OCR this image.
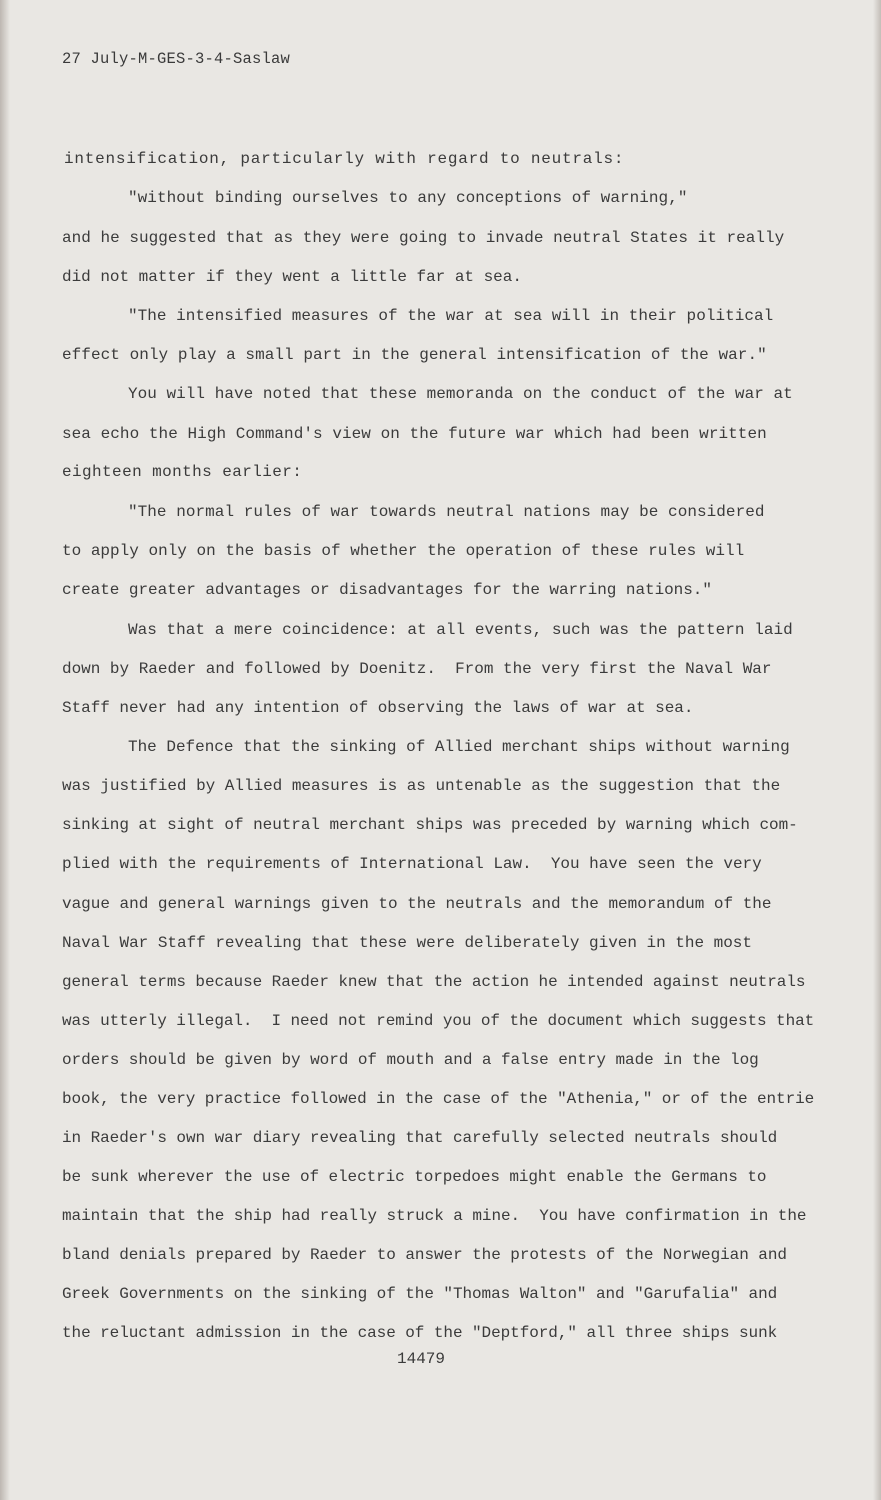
27 July-M-GES-3-4-Saslaw
intensification, particularly with regard to neutrals:
"without binding ourselves to any conceptions of warning,"
and he suggested that as they were going to invade neutral States it really
did not matter if they went a little far at sea.
"The intensified measures of the war at sea will in their political
effect only play a small part in the general intensification of the war."
You will have noted that these memoranda on the conduct of the war at
sea echo the High Command's view on the future war which had been written
eighteen months earlier:
"The normal rules of war towards neutral nations may be considered
to apply only on the basis of whether the operation of these rules will
create greater advantages or disadvantages for the warring nations."
Was that a mere coincidence: at all events, such was the pattern laid
down by Raeder and followed by Doenitz.  From the very first the Naval War
Staff never had any intention of observing the laws of war at sea.
The Defence that the sinking of Allied merchant ships without warning
was justified by Allied measures is as untenable as the suggestion that the
sinking at sight of neutral merchant ships was preceded by warning which com-
plied with the requirements of International Law.  You have seen the very
vague and general warnings given to the neutrals and the memorandum of the
Naval War Staff revealing that these were deliberately given in the most
general terms because Raeder knew that the action he intended against neutrals
was utterly illegal.  I need not remind you of the document which suggests that
orders should be given by word of mouth and a false entry made in the log
book, the very practice followed in the case of the "Athenia," or of the entrie
in Raeder's own war diary revealing that carefully selected neutrals should
be sunk wherever the use of electric torpedoes might enable the Germans to
maintain that the ship had really struck a mine.  You have confirmation in the
bland denials prepared by Raeder to answer the protests of the Norwegian and
Greek Governments on the sinking of the "Thomas Walton" and "Garufalia" and
the reluctant admission in the case of the "Deptford," all three ships sunk
14479
